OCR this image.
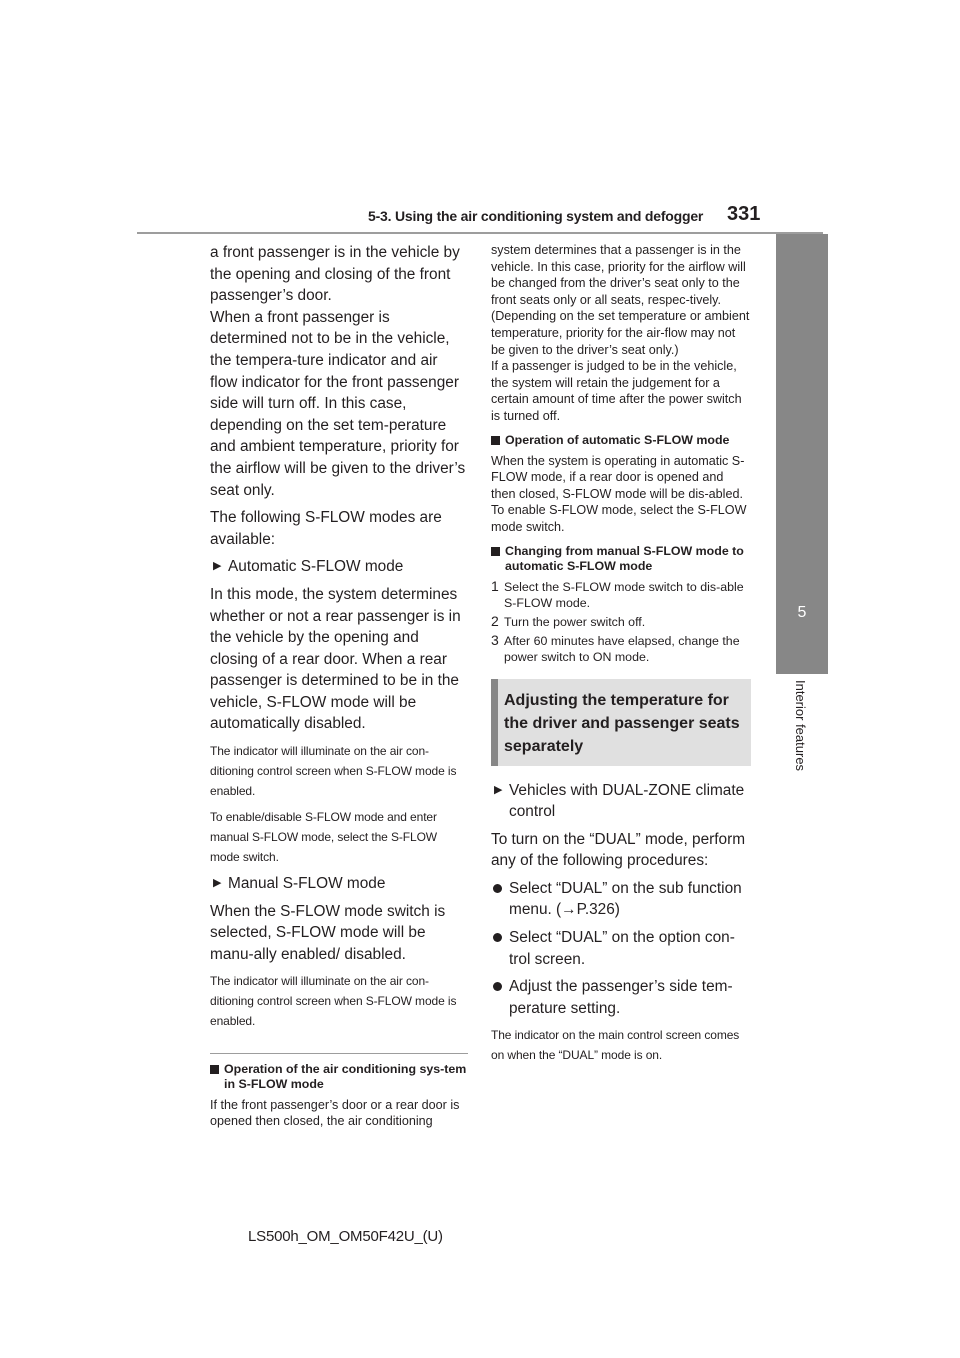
5-3. Using the air conditioning system and defogger 331
5
Interior features

a front passenger is in the vehicle by the opening and closing of the front passenger’s door.

When a front passenger is determined not to be in the vehicle, the tempera-ture indicator and air flow indicator for the front passenger side will turn off. In this case, depending on the set tem-perature and ambient temperature, priority for the airflow will be given to the driver’s seat only.

The following S-FLOW modes are available:

▶ Automatic S-FLOW mode

In this mode, the system determines whether or not a rear passenger is in the vehicle by the opening and closing of a rear door. When a rear passenger is determined to be in the vehicle, S-FLOW mode will be automatically disabled.

The indicator will illuminate on the air con-ditioning control screen when S-FLOW mode is enabled.

To enable/disable S-FLOW mode and enter manual S-FLOW mode, select the S-FLOW mode switch.

▶ Manual S-FLOW mode

When the S-FLOW mode switch is selected, S-FLOW mode will be manu-ally enabled/ disabled.

The indicator will illuminate on the air con-ditioning control screen when S-FLOW mode is enabled.

Operation of the air conditioning sys-tem in S-FLOW mode

If the front passenger’s door or a rear door is opened then closed, the air conditioning

system determines that a passenger is in the vehicle. In this case, priority for the airflow will be changed from the driver’s seat only to the front seats only or all seats, respec-tively.

(Depending on the set temperature or ambient temperature, priority for the air-flow may not be given to the driver’s seat only.)

If a passenger is judged to be in the vehicle, the system will retain the judgement for a certain amount of time after the power switch is turned off.

Operation of automatic S-FLOW mode

When the system is operating in automatic S-FLOW mode, if a rear door is opened and then closed, S-FLOW mode will be dis-abled. To enable S-FLOW mode, select the S-FLOW mode switch.

Changing from manual S-FLOW mode to automatic S-FLOW mode
1 Select the S-FLOW mode switch to dis-able S-FLOW mode.
2 Turn the power switch off.
3 After 60 minutes have elapsed, change the power switch to ON mode.
Adjusting the temperature for the driver and passenger seats separately
▶ Vehicles with DUAL-ZONE climate control

To turn on the “DUAL” mode, perform any of the following procedures:

Select “DUAL” on the sub function menu. (→P.326)
Select “DUAL” on the option con-trol screen.
Adjust the passenger’s side tem-perature setting.

The indicator on the main control screen comes on when the “DUAL” mode is on.

LS500h_OM_OM50F42U_(U)
